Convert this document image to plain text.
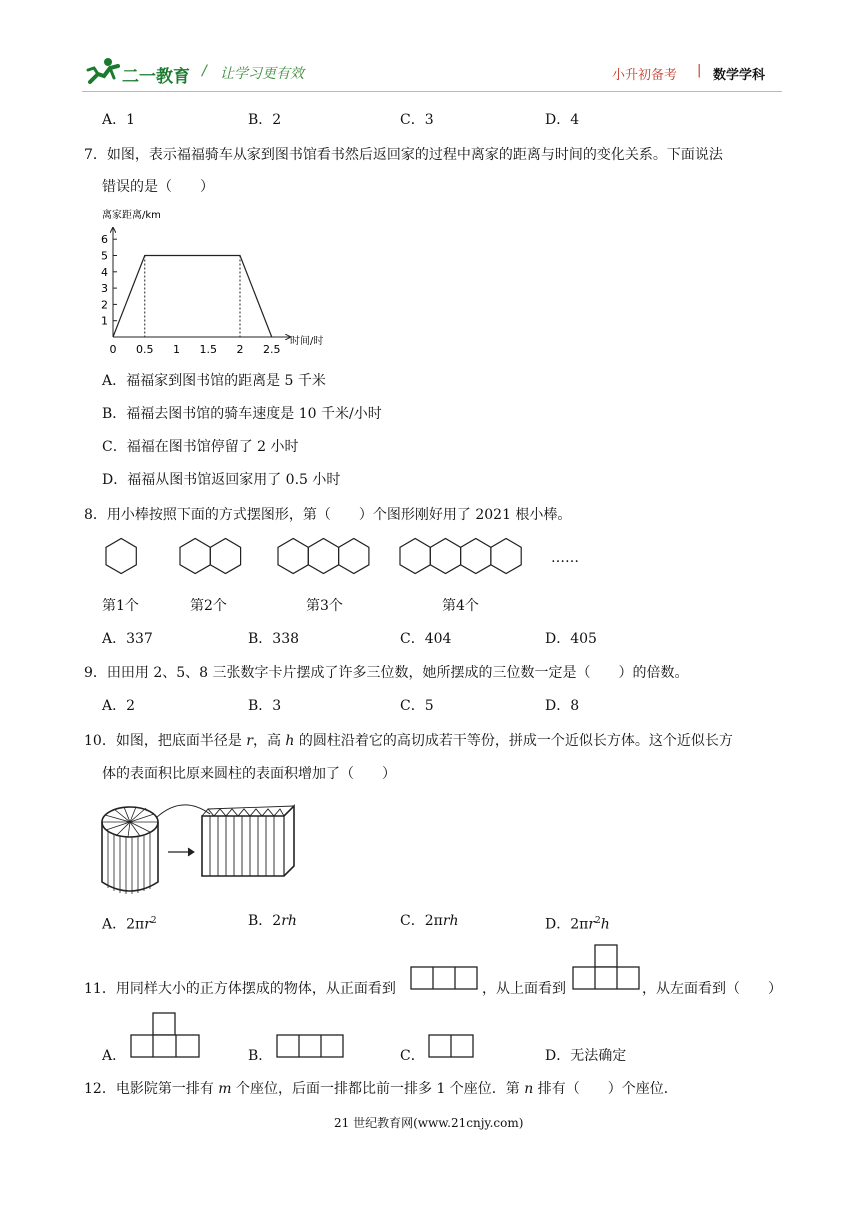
二一教育 / 让学习更有效	小升初备考 | 数学学科
A．1	B．2	C．3	D．4
7．如图，表示福福骑车从家到图书馆看书然后返回家的过程中离家的距离与时间的变化关系。下面说法
错误的是（　　）
离家距离/km
时间/时
1
2
3
4
5
6
0 0.5 1 1.5 2 2.5
A．福福家到图书馆的距离是 5 千米
B．福福去图书馆的骑车速度是 10 千米/小时
C．福福在图书馆停留了 2 小时
D．福福从图书馆返回家用了 0.5 小时
8．用小棒按照下面的方式摆图形，第（　　）个图形刚好用了 2021 根小棒。
……
第1个	第2个	第3个	第4个
A．337	B．338	C．404	D．405
9．田田用 2、5、8 三张数字卡片摆成了许多三位数，她所摆成的三位数一定是（　　）的倍数。
A．2	B．3	C．5	D．8
10．如图，把底面半径是 r，高 h 的圆柱沿着它的高切成若干等份，拼成一个近似长方体。这个近似长方
体的表面积比原来圆柱的表面积增加了（　　）
A．$2\pi r^2$	B．2rh	C．2πrh	D．$2\pi r^2h$
11．用同样大小的正方体摆成的物体，从正面看到	，从上面看到	，从左面看到（　　）
A．	B．	C．	D．无法确定
12．电影院第一排有 m 个座位，后面一排都比前一排多 1 个座位．第 n 排有（　　）个座位．
21 世纪教育网(www.21cnjy.com)
